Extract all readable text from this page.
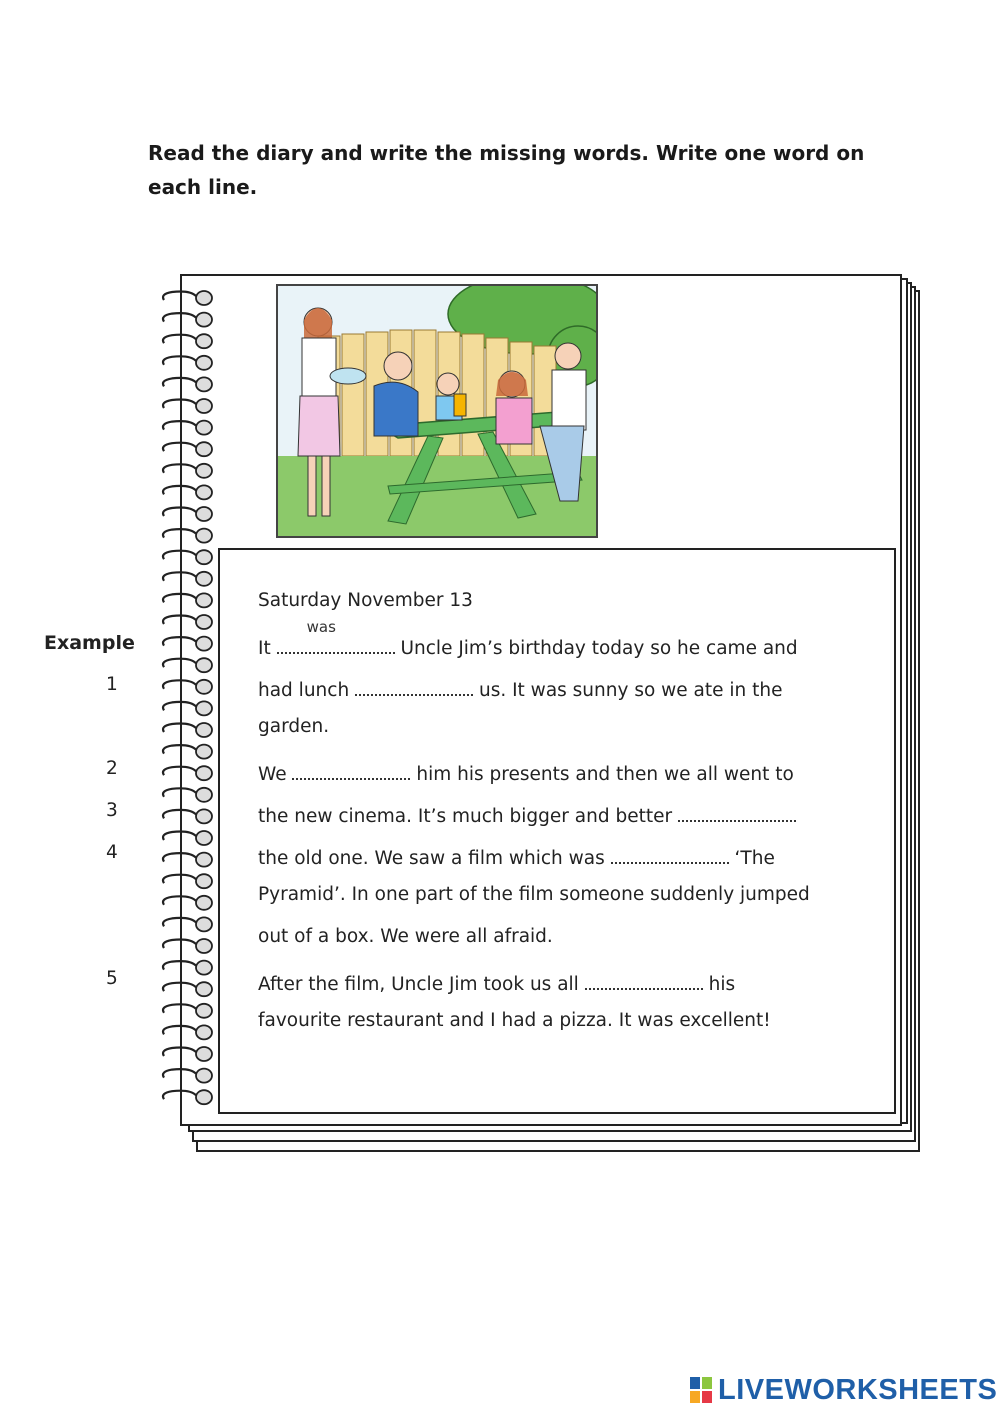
Read the diary and write the missing words. Write one word on each line.

Example

Saturday November 13

It
was
Uncle Jim’s birthday today so he came and

1	had lunch	us. It was sunny so we ate in the

garden.

2	We	him his presents and then we all went to

3	the new cinema. It’s much bigger and better

4	the old one. We saw a film which was	‘The

Pyramid’. In one part of the film someone suddenly jumped

out of a box. We were all afraid.

5	After the film, Uncle Jim took us all	his

favourite restaurant and I had a pizza. It was excellent!

LIVEWORKSHEETS
